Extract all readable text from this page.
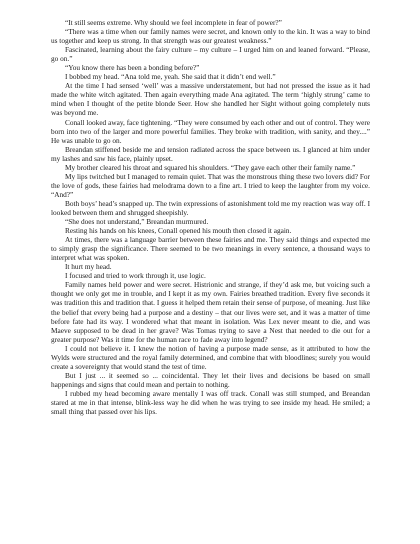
“It still seems extreme. Why should we feel incomplete in fear of power?”

“There was a time when our family names were secret, and known only to the kin. It was a way to bind us together and keep us strong. In that strength was our greatest weakness.”

Fascinated, learning about the fairy culture – my culture – I urged him on and leaned forward. “Please, go on.”

“You know there has been a bonding before?”

I bobbed my head. “Ana told me, yeah. She said that it didn’t end well.”

At the time I had sensed ‘well’ was a massive understatement, but had not pressed the issue as it had made the white witch agitated. Then again everything made Ana agitated. The term ‘highly strung’ came to mind when I thought of the petite blonde Seer. How she handled her Sight without going completely nuts was beyond me.

Conall looked away, face tightening. “They were consumed by each other and out of control. They were born into two of the larger and more powerful families. They broke with tradition, with sanity, and they....” He was unable to go on.

Breandan stiffened beside me and tension radiated across the space between us. I glanced at him under my lashes and saw his face, plainly upset.

My brother cleared his throat and squared his shoulders. “They gave each other their family name.”

My lips twitched but I managed to remain quiet. That was the monstrous thing these two lovers did? For the love of gods, these fairies had melodrama down to a fine art. I tried to keep the laughter from my voice. “And?”

Both boys’ head’s snapped up. The twin expressions of astonishment told me my reaction was way off. I looked between them and shrugged sheepishly.

“She does not understand,” Breandan murmured.

Resting his hands on his knees, Conall opened his mouth then closed it again.

At times, there was a language barrier between these fairies and me. They said things and expected me to simply grasp the significance. There seemed to be two meanings in every sentence, a thousand ways to interpret what was spoken.

It hurt my head.

I focused and tried to work through it, use logic.

Family names held power and were secret. Histrionic and strange, if they’d ask me, but voicing such a thought we only get me in trouble, and I kept it as my own. Fairies breathed tradition. Every five seconds it was tradition this and tradition that. I guess it helped them retain their sense of purpose, of meaning. Just like the belief that every being had a purpose and a destiny – that our lives were set, and it was a matter of time before fate had its way. I wondered what that meant in isolation. Was Lex never meant to die, and was Maeve supposed to be dead in her grave? Was Tomas trying to save a Nest that needed to die out for a greater purpose? Was it time for the human race to fade away into legend?

I could not believe it. I knew the notion of having a purpose made sense, as it attributed to how the Wylds were structured and the royal family determined, and combine that with bloodlines; surely you would create a sovereignty that would stand the test of time.

But I just ... it seemed so ... coincidental. They let their lives and decisions be based on small happenings and signs that could mean and pertain to nothing.

I rubbed my head becoming aware mentally I was off track. Conall was still stumped, and Breandan stared at me in that intense, blink-less way he did when he was trying to see inside my head. He smiled; a small thing that passed over his lips.
